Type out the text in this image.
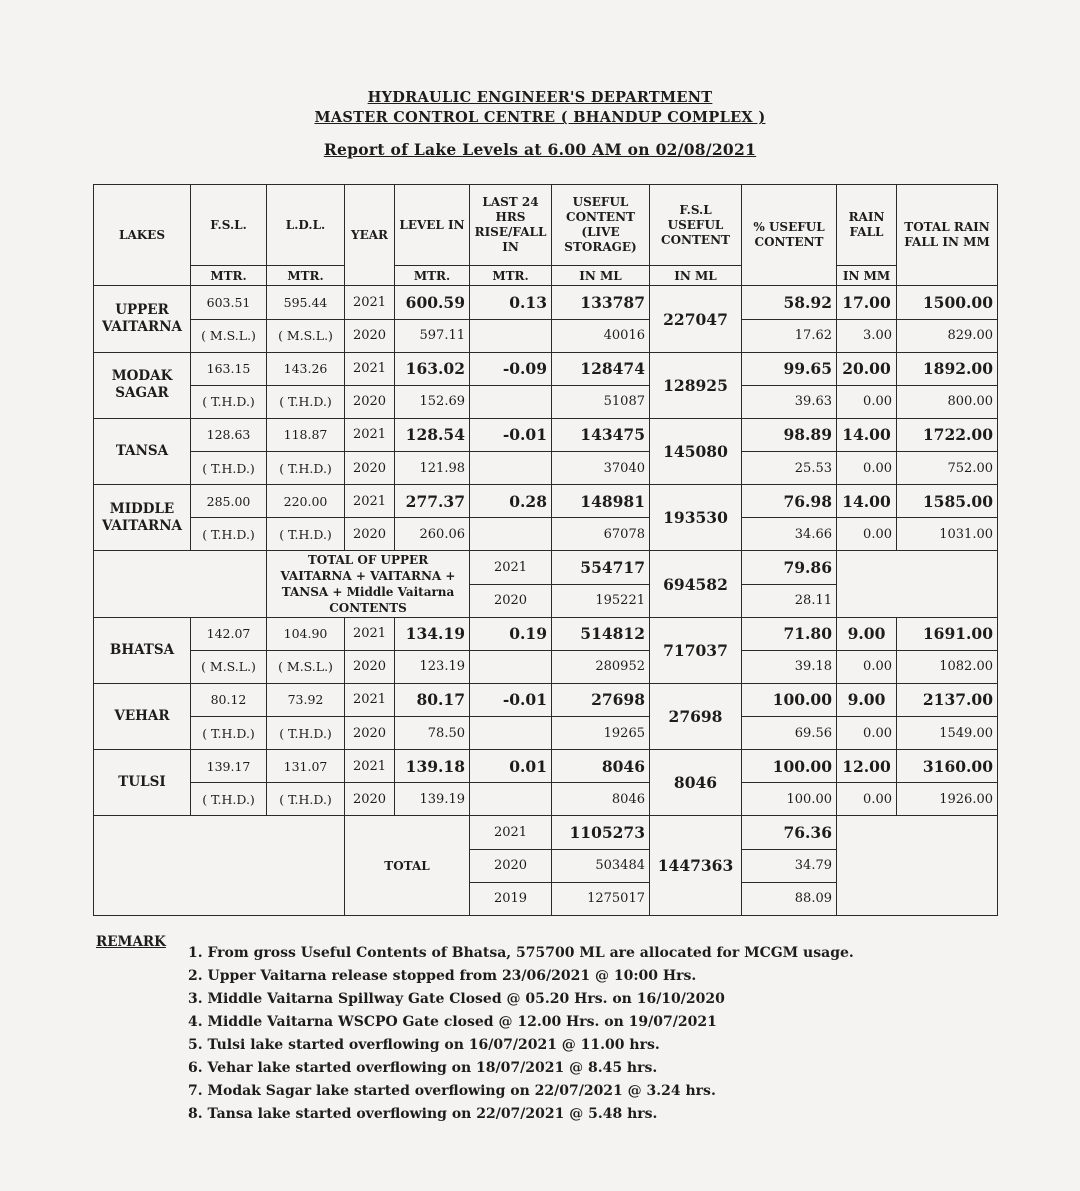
HYDRAULIC ENGINEER'S DEPARTMENT
MASTER CONTROL CENTRE ( BHANDUP COMPLEX )
Report of Lake Levels at 6.00 AM on 02/08/2021
LAKES	F.S.L.	L.D.L.	YEAR	LEVEL IN	LAST 24 HRS RISE/FALL IN	USEFUL CONTENT (LIVE STORAGE)	F.S.L USEFUL CONTENT	% USEFUL CONTENT	RAIN FALL	TOTAL RAIN FALL IN MM
	MTR.	MTR.		MTR.	MTR.	IN ML	IN ML		IN MM	
UPPER VAITARNA	603.51	595.44	2021	600.59	0.13	133787	227047	58.92	17.00	1500.00
	( M.S.L.)	( M.S.L.)	2020	597.11		40016		17.62	3.00	829.00
MODAK SAGAR	163.15	143.26	2021	163.02	-0.09	128474	128925	99.65	20.00	1892.00
	( T.H.D.)	( T.H.D.)	2020	152.69		51087		39.63	0.00	800.00
TANSA	128.63	118.87	2021	128.54	-0.01	143475	145080	98.89	14.00	1722.00
	( T.H.D.)	( T.H.D.)	2020	121.98		37040		25.53	0.00	752.00
MIDDLE VAITARNA	285.00	220.00	2021	277.37	0.28	148981	193530	76.98	14.00	1585.00
	( T.H.D.)	( T.H.D.)	2020	260.06		67078		34.66	0.00	1031.00
		TOTAL OF UPPER VAITARNA + VAITARNA + TANSA + Middle Vaitarna CONTENTS			2021	554717	694582	79.86		
					2020	195221		28.11		
BHATSA	142.07	104.90	2021	134.19	0.19	514812	717037	71.80	9.00	1691.00
	( M.S.L.)	( M.S.L.)	2020	123.19		280952		39.18	0.00	1082.00
VEHAR	80.12	73.92	2021	80.17	-0.01	27698	27698	100.00	9.00	2137.00
	( T.H.D.)	( T.H.D.)	2020	78.50		19265		69.56	0.00	1549.00
TULSI	139.17	131.07	2021	139.18	0.01	8046	8046	100.00	12.00	3160.00
	( T.H.D.)	( T.H.D.)	2020	139.19		8046		100.00	0.00	1926.00
			TOTAL		2021	1105273	1447363	76.36		
					2020	503484		34.79		
					2019	1275017		88.09		
REMARK
1. From gross Useful Contents of Bhatsa, 575700 ML are allocated for MCGM usage.
2. Upper Vaitarna release stopped from 23/06/2021 @ 10:00 Hrs.
3. Middle Vaitarna Spillway Gate Closed @ 05.20 Hrs. on 16/10/2020
4. Middle Vaitarna WSCPO Gate closed @ 12.00 Hrs. on 19/07/2021
5. Tulsi lake started overflowing on 16/07/2021 @ 11.00 hrs.
6. Vehar lake started overflowing on 18/07/2021 @ 8.45 hrs.
7. Modak Sagar lake started overflowing on 22/07/2021 @ 3.24 hrs.
8. Tansa lake started overflowing on 22/07/2021 @ 5.48 hrs.
